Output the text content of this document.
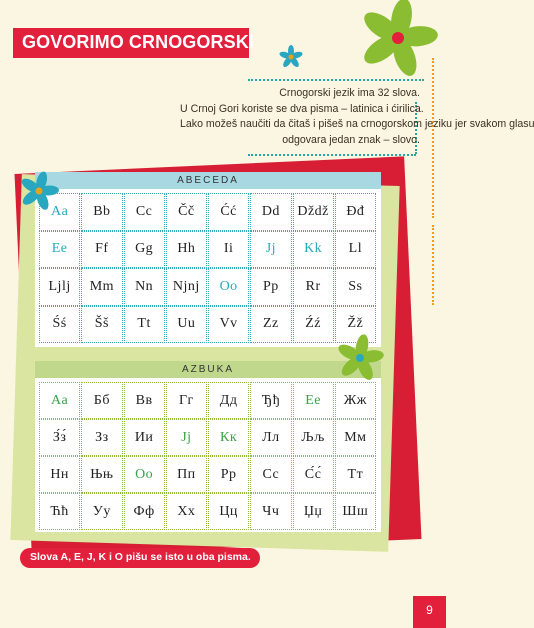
GOVORIMO CRNOGORSKI
Crnogorski jezik ima 32 slova.
U Crnoj Gori koriste se dva pisma – latinica i ćirilica.
Lako možeš naučiti da čitaš i pišeš na crnogorskom jeziku jer svakom glasu
odgovara jedan znak – slovo.
ABECEDA
Aa	Bb	Cc	Čč	Ćć	Dd	Dždž	Đđ
Ee	Ff	Gg	Hh	Ii	Jj	Kk	Ll
Ljlj	Mm	Nn	Njnj	Oo	Pp	Rr	Ss
Śś	Šš	Tt	Uu	Vv	Zz	Źź	Žž
AZBUKA
Аа	Бб	Вв	Гг	Дд	Ђђ	Ее	Жж
З́з́	Зз	Ии	Јј	Кк	Лл	Љљ	Мм
Нн	Њњ	Оо	Пп	Рр	Сс	С́с́	Тт
Ћћ	Уу	Фф	Хх	Цц	Чч	Џџ	Шш
Slova A, E, J, K i O pišu se isto u oba pisma.
9
